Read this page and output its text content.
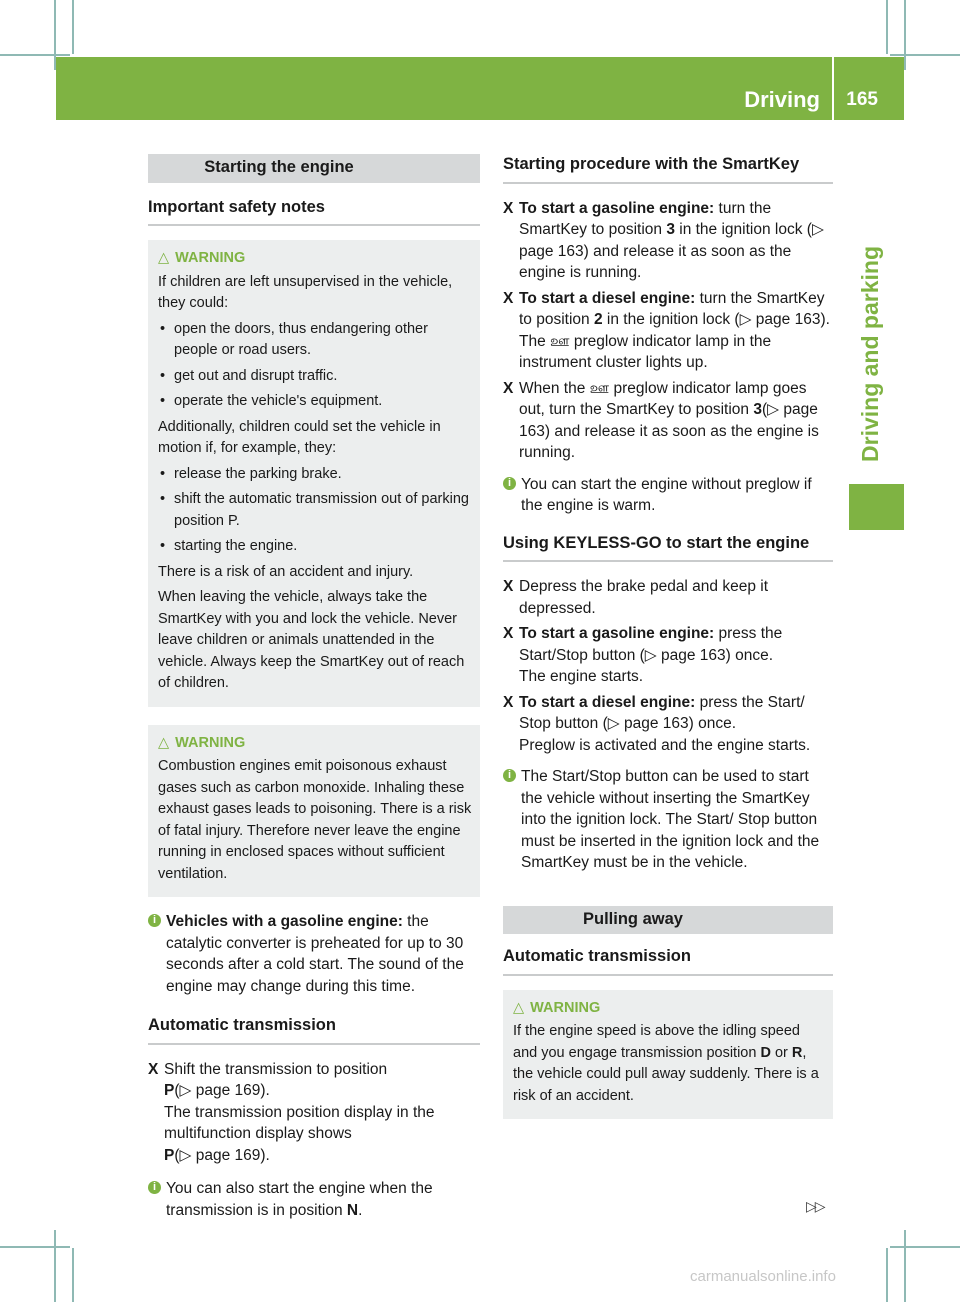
Driving 165
Driving and parking
Starting the engine
Important safety notes
△ WARNING

If children are left unsupervised in the vehicle, they could:

• open the doors, thus endangering other people or road users.
• get out and disrupt traffic.
• operate the vehicle's equipment.

Additionally, children could set the vehicle in motion if, for example, they:

• release the parking brake.
• shift the automatic transmission out of parking position P.
• starting the engine.

There is a risk of an accident and injury.

When leaving the vehicle, always take the SmartKey with you and lock the vehicle. Never leave children or animals unattended in the vehicle. Always keep the SmartKey out of reach of children.

△ WARNING

Combustion engines emit poisonous exhaust gases such as carbon monoxide. Inhaling these exhaust gases leads to poisoning. There is a risk of fatal injury. Therefore never leave the engine running in enclosed spaces without sufficient ventilation.

i Vehicles with a gasoline engine: the catalytic converter is preheated for up to 30 seconds after a cold start. The sound of the engine may change during this time.
Automatic transmission
X Shift the transmission to position
P(▷ page 169).
The transmission position display in the multifunction display shows
P(▷ page 169).
i You can also start the engine when the transmission is in position N.
Starting procedure with the SmartKey
X To start a gasoline engine: turn the SmartKey to position 3 in the ignition lock (▷ page 163) and release it as soon as the engine is running.
X To start a diesel engine: turn the SmartKey to position 2 in the ignition lock (▷ page 163).
The ஊ preglow indicator lamp in the instrument cluster lights up.
X When the ஊ preglow indicator lamp goes out, turn the SmartKey to position 3(▷ page 163) and release it as soon as the engine is running.
i You can start the engine without preglow if the engine is warm.
Using KEYLESS-GO to start the engine
X Depress the brake pedal and keep it depressed.
X To start a gasoline engine: press the Start/Stop button (▷ page 163) once.
The engine starts.
X To start a diesel engine: press the Start/ Stop button (▷ page 163) once.
Preglow is activated and the engine starts.
i The Start/Stop button can be used to start the vehicle without inserting the SmartKey into the ignition lock. The Start/ Stop button must be inserted in the ignition lock and the SmartKey must be in the vehicle.
Pulling away
Automatic transmission
△ WARNING

If the engine speed is above the idling speed and you engage transmission position D or R, the vehicle could pull away suddenly. There is a risk of an accident.

▷▷
carmanualsonline.info
